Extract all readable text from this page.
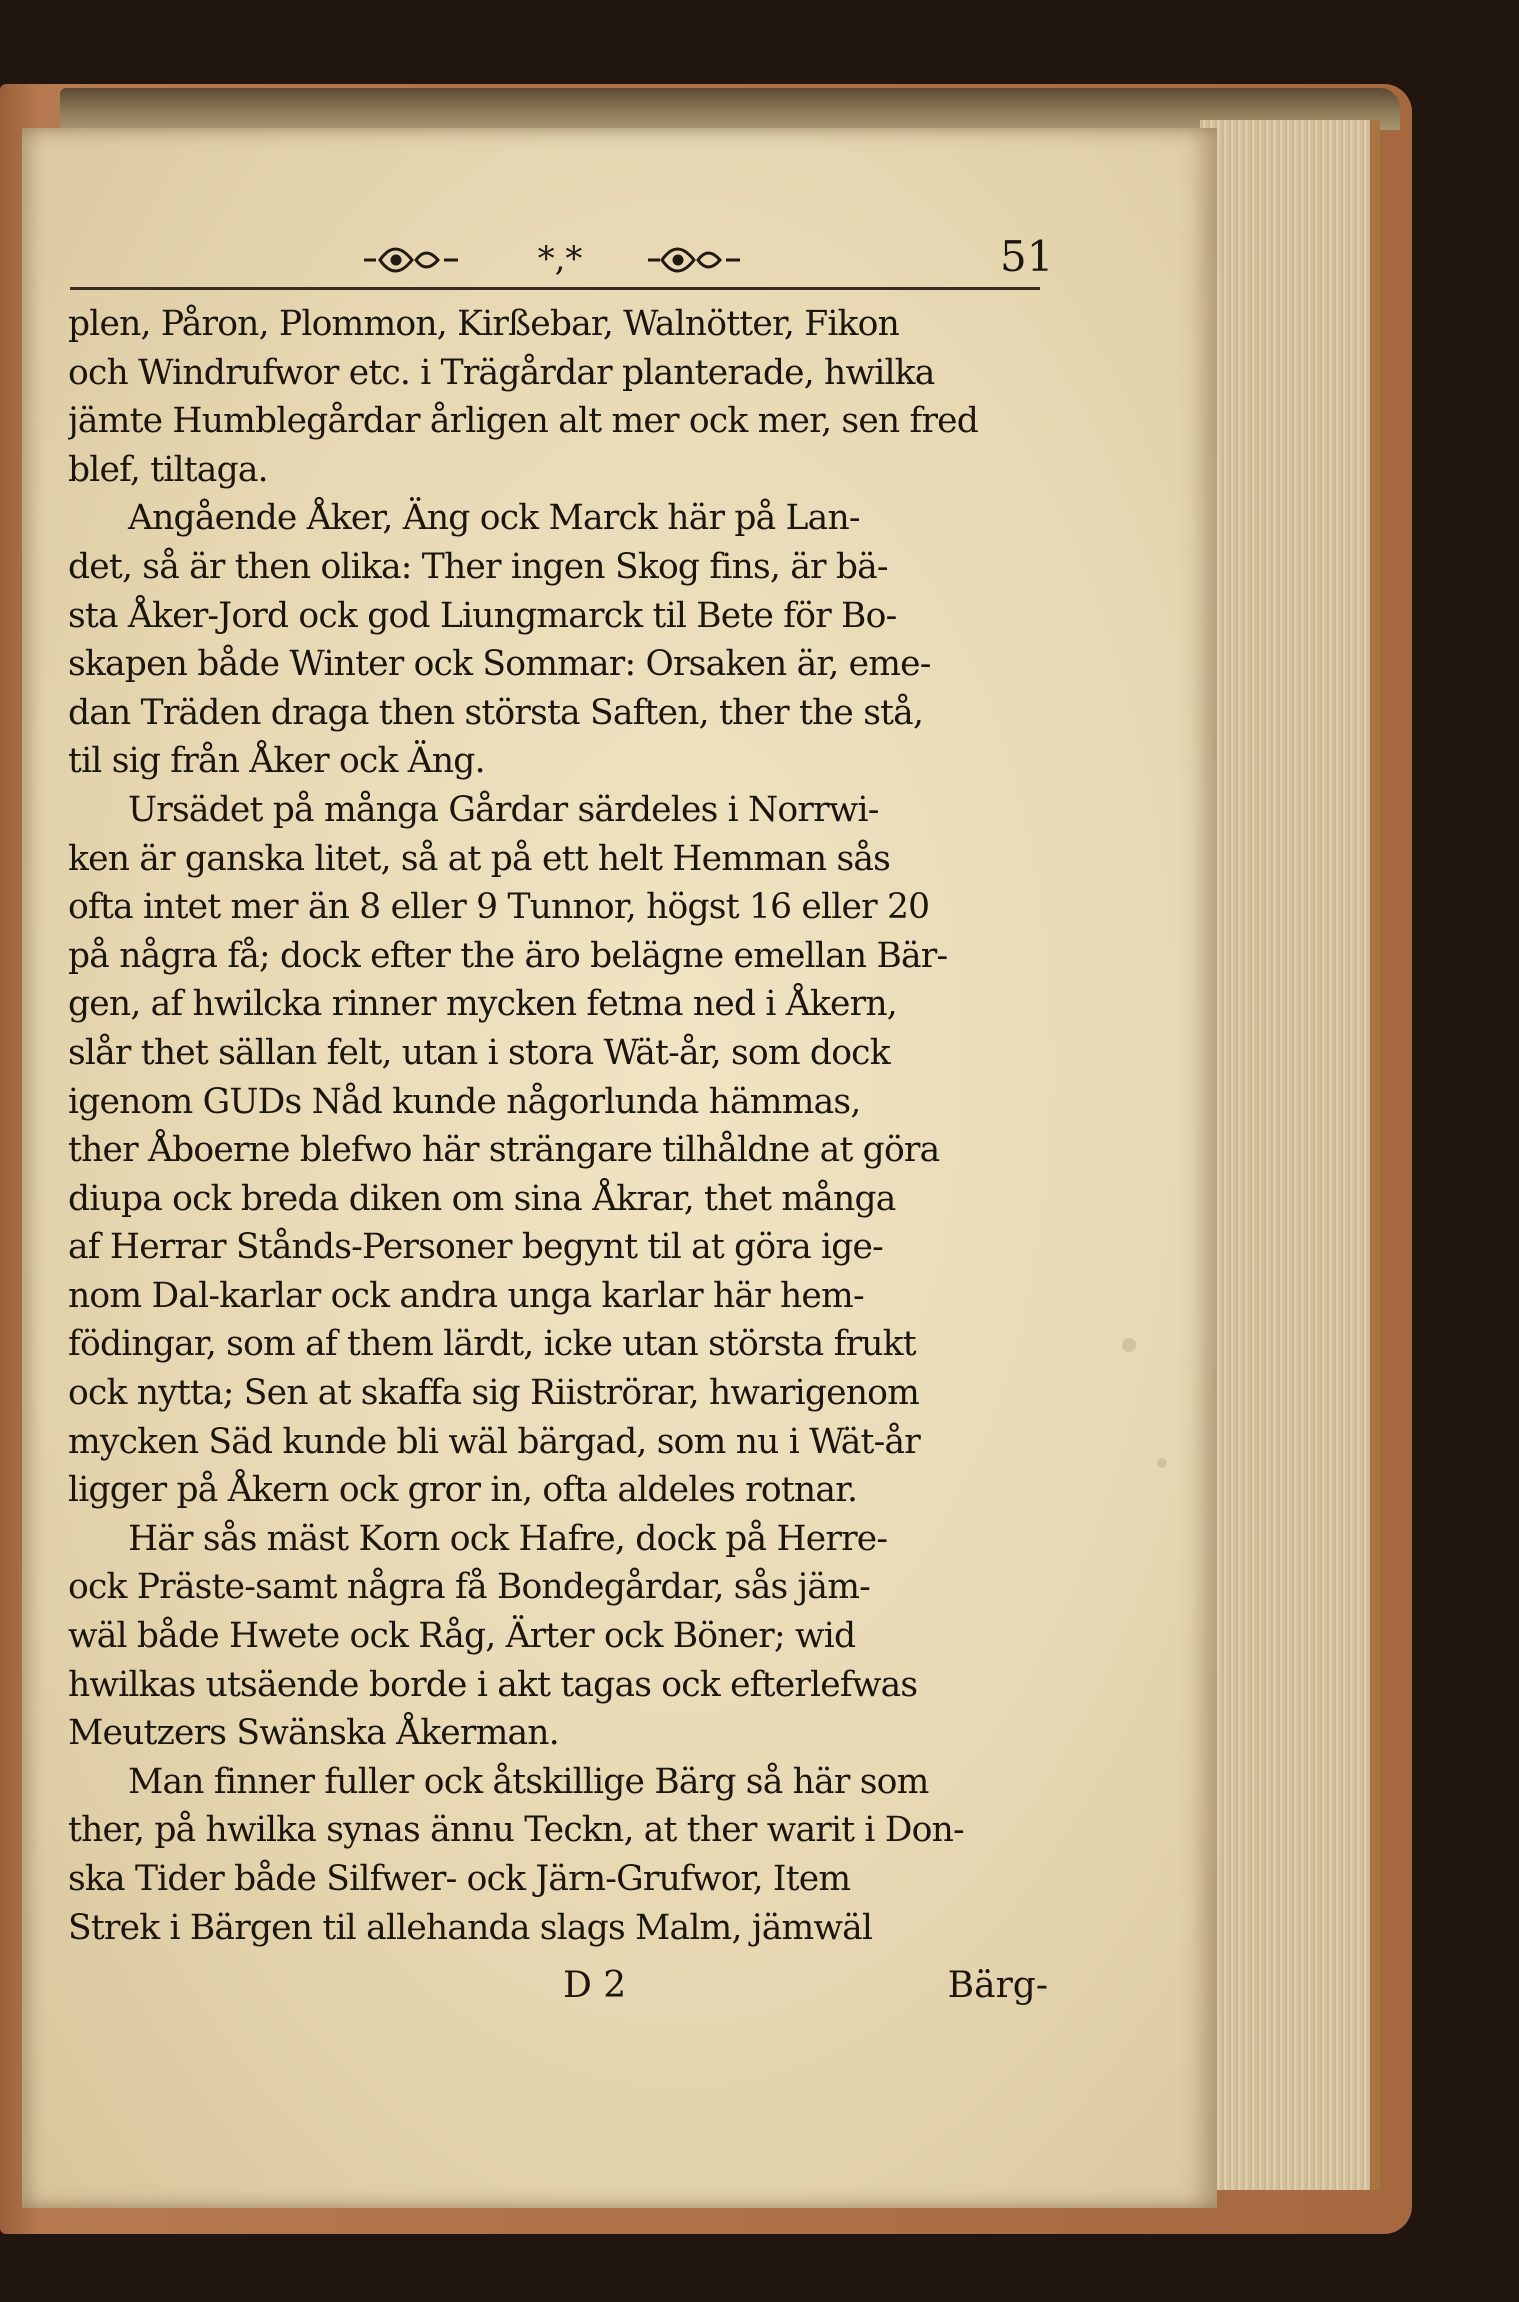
*,*	51
plen, Påron, Plommon, Kirßebar, Walnötter, Fikon
och Windrufwor etc. i Trägårdar planterade, hwilka
jämte Humblegårdar årligen alt mer ock mer, sen fred
blef, tiltaga.
Angående Åker, Äng ock Marck här på Lan-
det, så är then olika: Ther ingen Skog fins, är bä-
sta Åker-Jord ock god Liungmarck til Bete för Bo-
skapen både Winter ock Sommar: Orsaken är, eme-
dan Träden draga then största Saften, ther the stå,
til sig från Åker ock Äng.
Ursädet på många Gårdar särdeles i Norrwi-
ken är ganska litet, så at på ett helt Hemman sås
ofta intet mer än 8 eller 9 Tunnor, högst 16 eller 20
på några få; dock efter the äro belägne emellan Bär-
gen, af hwilcka rinner mycken fetma ned i Åkern,
slår thet sällan felt, utan i stora Wät-år, som dock
igenom GUDs Nåd kunde någorlunda hämmas,
ther Åboerne blefwo här strängare tilhåldne at göra
diupa ock breda diken om sina Åkrar, thet många
af Herrar Stånds-Personer begynt til at göra ige-
nom Dal-karlar ock andra unga karlar här hem-
födingar, som af them lärdt, icke utan största frukt
ock nytta; Sen at skaffa sig Riiströrar, hwarigenom
mycken Säd kunde bli wäl bärgad, som nu i Wät-år
ligger på Åkern ock gror in, ofta aldeles rotnar.
Här sås mäst Korn ock Hafre, dock på Herre-
ock Präste-samt några få Bondegårdar, sås jäm-
wäl både Hwete ock Råg, Ärter ock Böner; wid
hwilkas utsäende borde i akt tagas ock efterlefwas
Meutzers Swänska Åkerman.
Man finner fuller ock åtskillige Bärg så här som
ther, på hwilka synas ännu Teckn, at ther warit i Don-
ska Tider både Silfwer- ock Järn-Grufwor, Item
Strek i Bärgen til allehanda slags Malm, jämwäl
D 2	Bärg-
